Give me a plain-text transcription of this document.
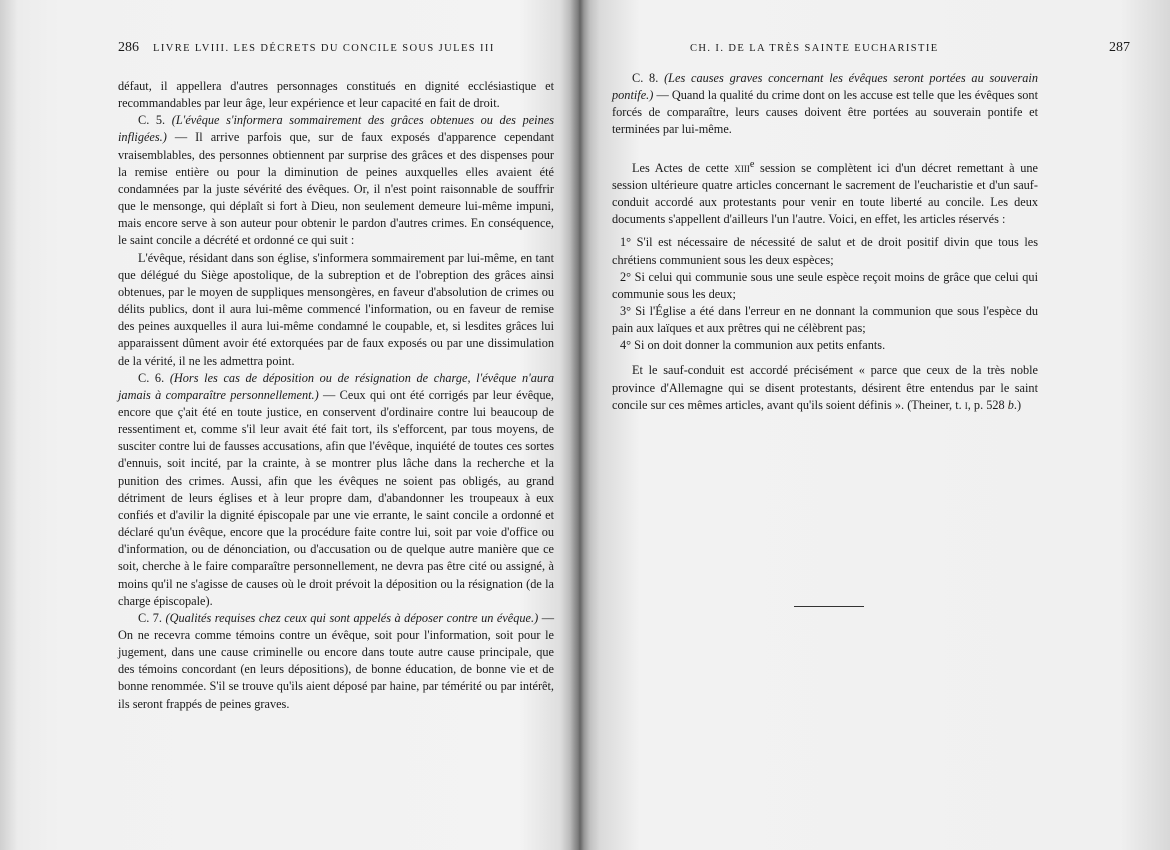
286 LIVRE LVIII. LES DÉCRETS DU CONCILE SOUS JULES III

défaut, il appellera d'autres personnages constitués en dignité ecclésiastique et recommandables par leur âge, leur expérience et leur capacité en fait de droit.

C. 5. (L'évêque s'informera sommairement des grâces obtenues ou des peines infligées.) — Il arrive parfois que, sur de faux exposés d'apparence cependant vraisemblables, des personnes obtiennent par surprise des grâces et des dispenses pour la remise entière ou pour la diminution de peines auxquelles elles avaient été condamnées par la juste sévérité des évêques. Or, il n'est point raisonnable de souffrir que le mensonge, qui déplaît si fort à Dieu, non seulement demeure lui-même impuni, mais encore serve à son auteur pour obtenir le pardon d'autres crimes. En conséquence, le saint concile a décrété et ordonné ce qui suit :

L'évêque, résidant dans son église, s'informera sommairement par lui-même, en tant que délégué du Siège apostolique, de la subreption et de l'obreption des grâces ainsi obtenues, par le moyen de suppliques mensongères, en faveur d'absolution de crimes ou délits publics, dont il aura lui-même commencé l'information, ou en faveur de remise des peines auxquelles il aura lui-même condamné le coupable, et, si lesdites grâces lui apparaissent dûment avoir été extorquées par de faux exposés ou par une dissimulation de la vérité, il ne les admettra point.

C. 6. (Hors les cas de déposition ou de résignation de charge, l'évêque n'aura jamais à comparaître personnellement.) — Ceux qui ont été corrigés par leur évêque, encore que ç'ait été en toute justice, en conservent d'ordinaire contre lui beaucoup de ressentiment et, comme s'il leur avait été fait tort, ils s'efforcent, par tous moyens, de susciter contre lui de fausses accusations, afin que l'évêque, inquiété de toutes ces sortes d'ennuis, soit incité, par la crainte, à se montrer plus lâche dans la recherche et la punition des crimes. Aussi, afin que les évêques ne soient pas obligés, au grand détriment de leurs églises et à leur propre dam, d'abandonner les troupeaux à eux confiés et d'avilir la dignité épiscopale par une vie errante, le saint concile a ordonné et déclaré qu'un évêque, encore que la procédure faite contre lui, soit par voie d'office ou d'information, ou de dénonciation, ou d'accusation ou de quelque autre manière que ce soit, cherche à le faire comparaître personnellement, ne devra pas être cité ou assigné, à moins qu'il ne s'agisse de causes où le droit prévoit la déposition ou la résignation (de la charge épiscopale).

C. 7. (Qualités requises chez ceux qui sont appelés à déposer contre un évêque.) — On ne recevra comme témoins contre un évêque, soit pour l'information, soit pour le jugement, dans une cause criminelle ou encore dans toute autre cause principale, que des témoins concordant (en leurs dépositions), de bonne éducation, de bonne vie et de bonne renommée. S'il se trouve qu'ils aient déposé par haine, par témérité ou par intérêt, ils seront frappés de peines graves.

CH. I. DE LA TRÈS SAINTE EUCHARISTIE	287

C. 8. (Les causes graves concernant les évêques seront portées au souverain pontife.) — Quand la qualité du crime dont on les accuse est telle que les évêques sont forcés de comparaître, leurs causes doivent être portées au souverain pontife et terminées par lui-même.

Les Actes de cette xiii$^e$ session se complètent ici d'un décret remettant à une session ultérieure quatre articles concernant le sacrement de l'eucharistie et d'un sauf-conduit accordé aux protestants pour venir en toute liberté au concile. Les deux documents s'appellent d'ailleurs l'un l'autre. Voici, en effet, les articles réservés :

1° S'il est nécessaire de nécessité de salut et de droit positif divin que tous les chrétiens communient sous les deux espèces;

2° Si celui qui communie sous une seule espèce reçoit moins de grâce que celui qui communie sous les deux;

3° Si l'Église a été dans l'erreur en ne donnant la communion que sous l'espèce du pain aux laïques et aux prêtres qui ne célèbrent pas;

4° Si on doit donner la communion aux petits enfants.

Et le sauf-conduit est accordé précisément « parce que ceux de la très noble province d'Allemagne qui se disent protestants, désirent être entendus par le saint concile sur ces mêmes articles, avant qu'ils soient définis ». (Theiner, t. i, p. 528 b.)
